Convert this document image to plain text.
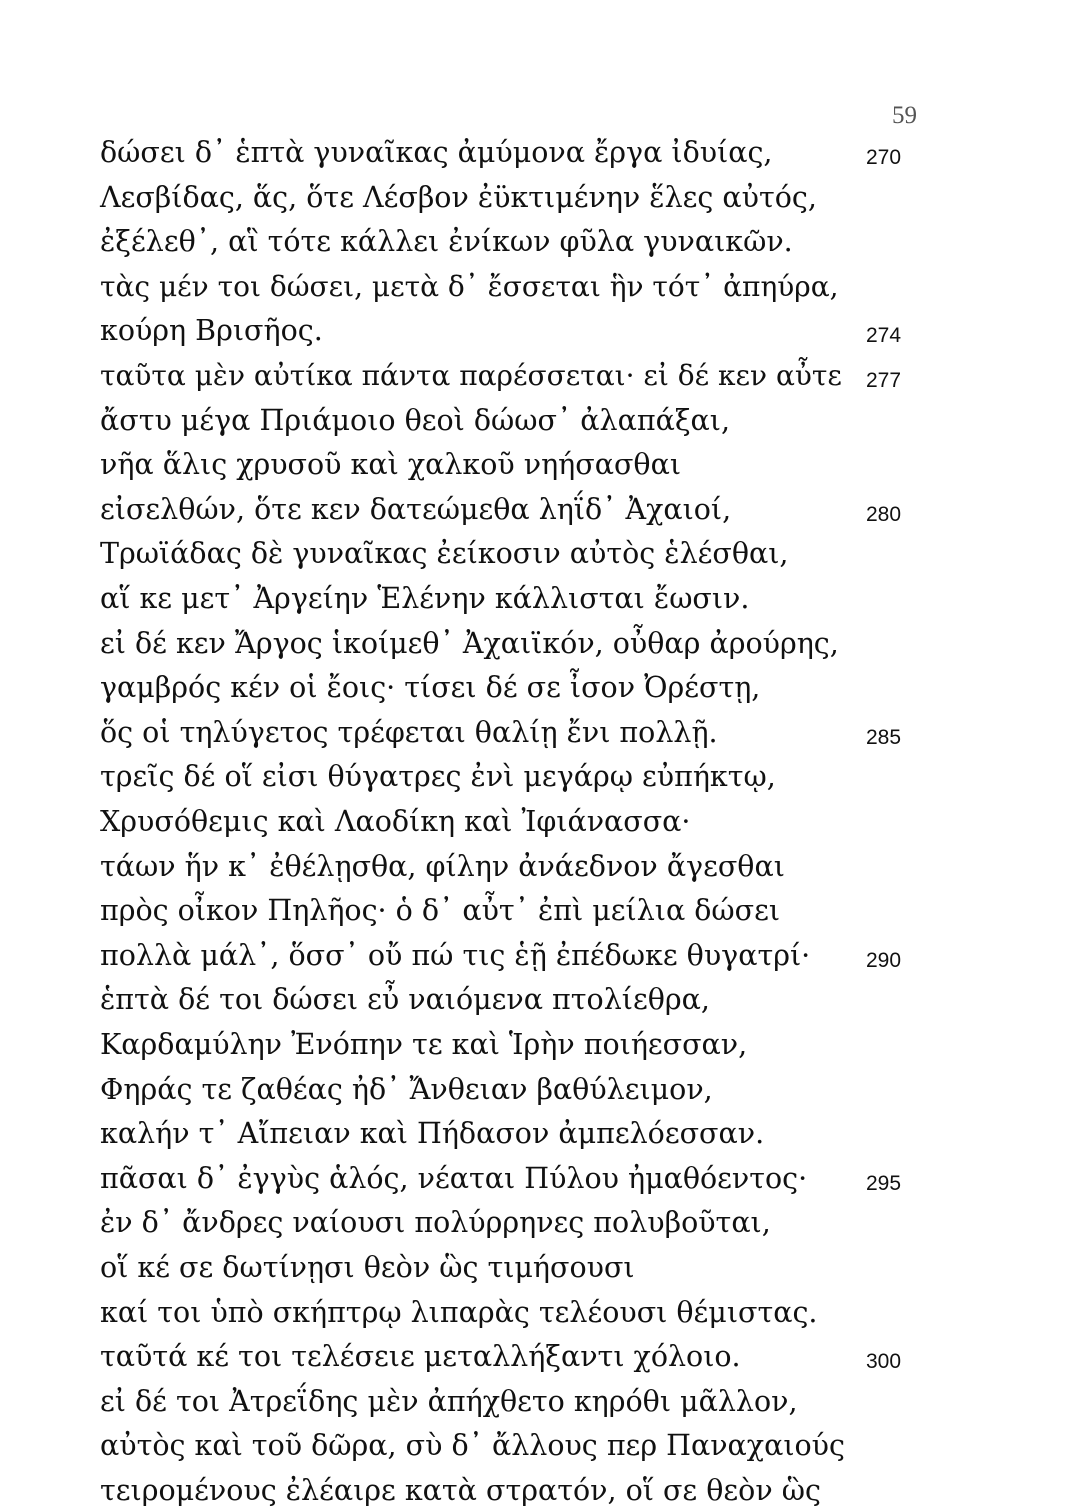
59
δώσει δ᾽ ἑπτὰ γυναῖκας ἀμύμονα ἔργα ἰδυίας,	270
Λεσβίδας, ἅς, ὅτε Λέσβον ἐϋκτιμένην ἕλες αὐτός,
ἐξέλεθ᾽, αἳ τότε κάλλει ἐνίκων φῦλα γυναικῶν.
τὰς μέν τοι δώσει, μετὰ δ᾽ ἔσσεται ἣν τότ᾽ ἀπηύρα,
κούρη Βρισῆος.	274
ταῦτα μὲν αὐτίκα πάντα παρέσσεται· εἰ δέ κεν αὖτε 277
ἄστυ μέγα Πριάμοιο θεοὶ δώωσ᾽ ἀλαπάξαι,
νῆα ἅλις χρυσοῦ καὶ χαλκοῦ νηήσασθαι
εἰσελθών, ὅτε κεν δατεώμεθα ληΐδ᾽ Ἀχαιοί,	280
Τρωϊάδας δὲ γυναῖκας ἐείκοσιν αὐτὸς ἑλέσθαι,
αἵ κε μετ᾽ Ἀργείην Ἑλένην κάλλισται ἔωσιν.
εἰ δέ κεν Ἄργος ἱκοίμεθ᾽ Ἀχαιϊκόν, οὖθαρ ἀρούρης,
γαμβρός κέν οἱ ἔοις· τίσει δέ σε ἶσον Ὀρέστῃ,
ὅς οἱ τηλύγετος τρέφεται θαλίῃ ἔνι πολλῇ.	285
τρεῖς δέ οἵ εἰσι θύγατρες ἐνὶ μεγάρῳ εὐπήκτῳ,
Χρυσόθεμις καὶ Λαοδίκη καὶ Ἰφιάνασσα·
τάων ἥν κ᾽ ἐθέλῃσθα, φίλην ἀνάεδνον ἄγεσθαι
πρὸς οἶκον Πηλῆος· ὁ δ᾽ αὖτ᾽ ἐπὶ μείλια δώσει
πολλὰ μάλ᾽, ὅσσ᾽ οὔ πώ τις ἑῇ ἐπέδωκε θυγατρί·	290
ἑπτὰ δέ τοι δώσει εὖ ναιόμενα πτολίεθρα,
Καρδαμύλην Ἐνόπην τε καὶ Ἱρὴν ποιήεσσαν,
Φηράς τε ζαθέας ἠδ᾽ Ἄνθειαν βαθύλειμον,
καλήν τ᾽ Αἴπειαν καὶ Πήδασον ἀμπελόεσσαν.
πᾶσαι δ᾽ ἐγγὺς ἁλός, νέαται Πύλου ἠμαθόεντος·	295
ἐν δ᾽ ἄνδρες ναίουσι πολύρρηνες πολυβοῦται,
οἵ κέ σε δωτίνῃσι θεὸν ὣς τιμήσουσι
καί τοι ὑπὸ σκήπτρῳ λιπαρὰς τελέουσι θέμιστας.
ταῦτά κέ τοι τελέσειε μεταλλήξαντι χόλοιο.	300
εἰ δέ τοι Ἀτρεΐδης μὲν ἀπήχθετο κηρόθι μᾶλλον,
αὐτὸς καὶ τοῦ δῶρα, σὺ δ᾽ ἄλλους περ Παναχαιούς
τειρομένους ἐλέαιρε κατὰ στρατόν, οἵ σε θεὸν ὣς
